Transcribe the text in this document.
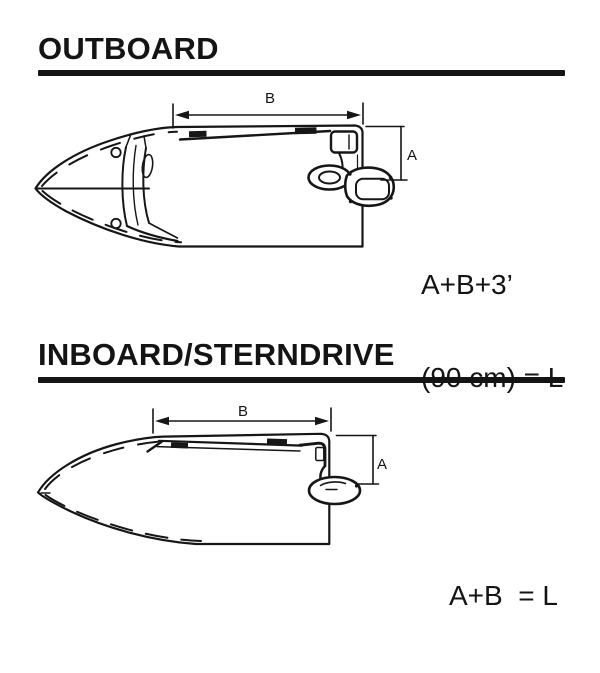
OUTBOARD
B
A

A+B+3’

INBOARD/STERNDRIVE
B
A

A+B  = L
